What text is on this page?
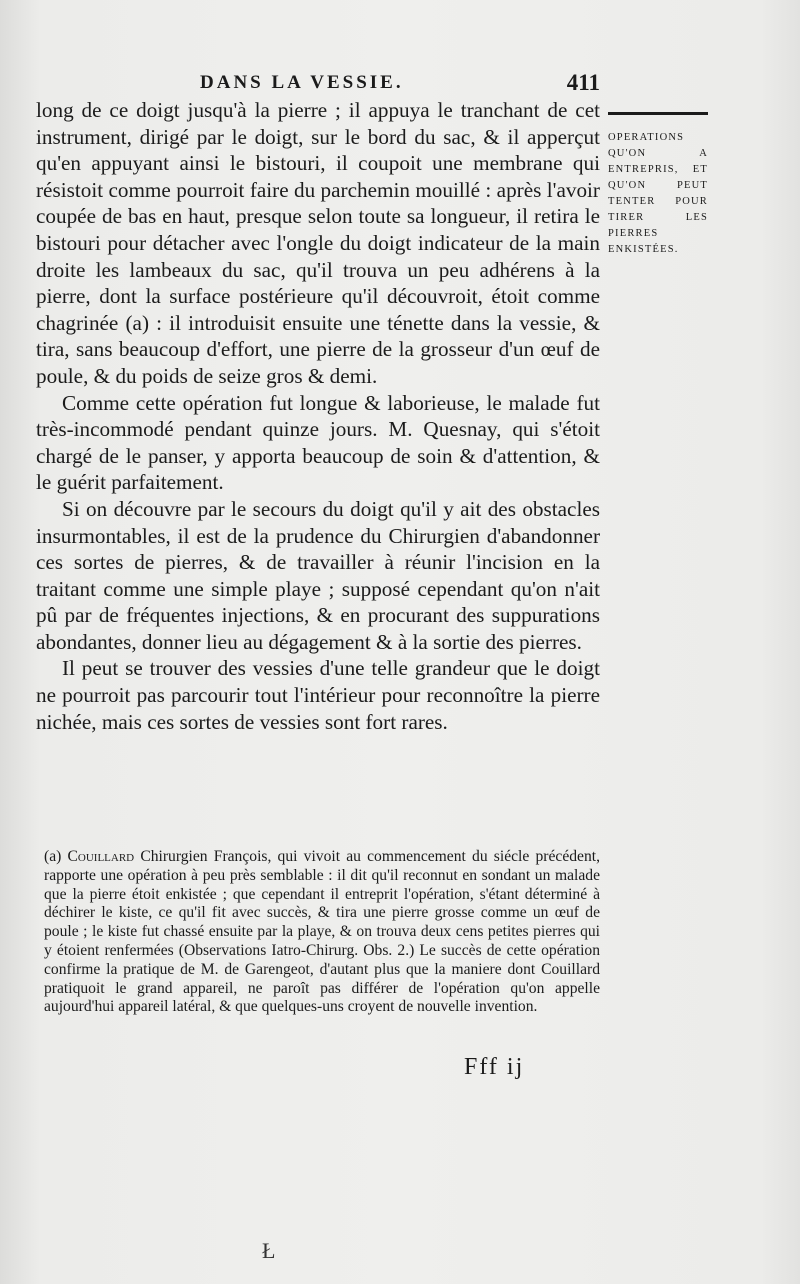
DANS LA VESSIE.	411

long de ce doigt jusqu'à la pierre ; il appuya le tranchant de cet instrument, dirigé par le doigt, sur le bord du sac, & il apperçut qu'en appuyant ainsi le bistouri, il coupoit une membrane qui résistoit comme pourroit faire du parchemin mouillé : après l'avoir coupée de bas en haut, presque selon toute sa longueur, il retira le bistouri pour détacher avec l'ongle du doigt indicateur de la main droite les lambeaux du sac, qu'il trouva un peu adhérens à la pierre, dont la surface postérieure qu'il découvroit, étoit comme chagrinée (a) : il introduisit ensuite une ténette dans la vessie, & tira, sans beaucoup d'effort, une pierre de la grosseur d'un œuf de poule, & du poids de seize gros & demi.

Comme cette opération fut longue & laborieuse, le malade fut très-incommodé pendant quinze jours. M. Quesnay, qui s'étoit chargé de le panser, y apporta beaucoup de soin & d'attention, & le guérit parfaitement.

Si on découvre par le secours du doigt qu'il y ait des obstacles insurmontables, il est de la prudence du Chirurgien d'abandonner ces sortes de pierres, & de travailler à réunir l'incision en la traitant comme une simple playe ; supposé cependant qu'on n'ait pû par de fréquentes injections, & en procurant des suppurations abondantes, donner lieu au dégagement & à la sortie des pierres.

Il peut se trouver des vessies d'une telle grandeur que le doigt ne pourroit pas parcourir tout l'intérieur pour reconnoître la pierre nichée, mais ces sortes de vessies sont fort rares.

OPERATIONS QU'ON A ENTREPRIS, ET QU'ON PEUT TENTER POUR TIRER LES PIERRES ENKISTÉES.
(a) Couillard Chirurgien François, qui vivoit au commencement du siécle précédent, rapporte une opération à peu près semblable : il dit qu'il reconnut en sondant un malade que la pierre étoit enkistée ; que cependant il entreprit l'opération, s'étant déterminé à déchirer le kiste, ce qu'il fit avec succès, & tira une pierre grosse comme un œuf de poule ; le kiste fut chassé ensuite par la playe, & on trouva deux cens petites pierres qui y étoient renfermées (Observations Iatro-Chirurg. Obs. 2.) Le succès de cette opération confirme la pratique de M. de Garengeot, d'autant plus que la maniere dont Couillard pratiquoit le grand appareil, ne paroît pas différer de l'opération qu'on appelle aujourd'hui appareil latéral, & que quelques-uns croyent de nouvelle invention.
Fff ij
Ł
